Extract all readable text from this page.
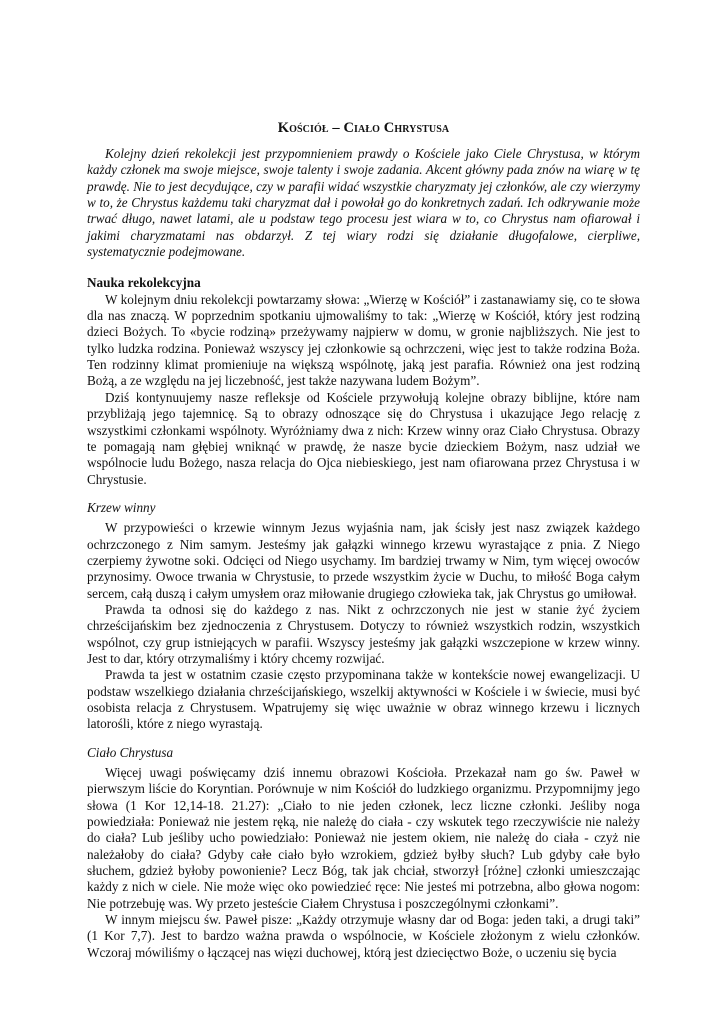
Kościół – Ciało Chrystusa

Kolejny dzień rekolekcji jest przypomnieniem prawdy o Kościele jako Ciele Chrystusa, w którym każdy członek ma swoje miejsce, swoje talenty i swoje zadania. Akcent główny pada znów na wiarę w tę prawdę. Nie to jest decydujące, czy w parafii widać wszystkie charyzmaty jej członków, ale czy wierzymy w to, że Chrystus każdemu taki charyzmat dał i powołał go do konkretnych zadań. Ich odkrywanie może trwać długo, nawet latami, ale u podstaw tego procesu jest wiara w to, co Chrystus nam ofiarował i jakimi charyzmatami nas obdarzył. Z tej wiary rodzi się działanie długofalowe, cierpliwe, systematycznie podejmowane.

Nauka rekolekcyjna

W kolejnym dniu rekolekcji powtarzamy słowa: „Wierzę w Kościół” i zastanawiamy się, co te słowa dla nas znaczą. W poprzednim spotkaniu ujmowaliśmy to tak: „Wierzę w Kościół, który jest rodziną dzieci Bożych. To «bycie rodziną» przeżywamy najpierw w domu, w gronie najbliższych. Nie jest to tylko ludzka rodzina. Ponieważ wszyscy jej członkowie są ochrzczeni, więc jest to także rodzina Boża. Ten rodzinny klimat promieniuje na większą wspólnotę, jaką jest parafia. Również ona jest rodziną Bożą, a ze względu na jej liczebność, jest także nazywana ludem Bożym”.

Dziś kontynuujemy nasze refleksje od Kościele przywołują kolejne obrazy biblijne, które nam przybliżają jego tajemnicę. Są to obrazy odnoszące się do Chrystusa i ukazujące Jego relację z wszystkimi członkami wspólnoty. Wyróżniamy dwa z nich: Krzew winny oraz Ciało Chrystusa. Obrazy te pomagają nam głębiej wniknąć w prawdę, że nasze bycie dzieckiem Bożym, nasz udział we wspólnocie ludu Bożego, nasza relacja do Ojca niebieskiego, jest nam ofiarowana przez Chrystusa i w Chrystusie.

Krzew winny

W przypowieści o krzewie winnym Jezus wyjaśnia nam, jak ścisły jest nasz związek każdego ochrzczonego z Nim samym. Jesteśmy jak gałązki winnego krzewu wyrastające z pnia. Z Niego czerpiemy żywotne soki. Odcięci od Niego usychamy. Im bardziej trwamy w Nim, tym więcej owoców przynosimy. Owoce trwania w Chrystusie, to przede wszystkim życie w Duchu, to miłość Boga całym sercem, całą duszą i całym umysłem oraz miłowanie drugiego człowieka tak, jak Chrystus go umiłował.

Prawda ta odnosi się do każdego z nas. Nikt z ochrzczonych nie jest w stanie żyć życiem chrześcijańskim bez zjednoczenia z Chrystusem. Dotyczy to również wszystkich rodzin, wszystkich wspólnot, czy grup istniejących w parafii. Wszyscy jesteśmy jak gałązki wszczepione w krzew winny. Jest to dar, który otrzymaliśmy i który chcemy rozwijać.

Prawda ta jest w ostatnim czasie często przypominana także w kontekście nowej ewangelizacji. U podstaw wszelkiego działania chrześcijańskiego, wszelkij aktywności w Kościele i w świecie, musi być osobista relacja z Chrystusem. Wpatrujemy się więc uważnie w obraz winnego krzewu i licznych latorośli, które z niego wyrastają.

Ciało Chrystusa

Więcej uwagi poświęcamy dziś innemu obrazowi Kościoła. Przekazał nam go św. Paweł w pierwszym liście do Koryntian. Porównuje w nim Kościół do ludzkiego organizmu. Przypomnijmy jego słowa (1 Kor 12,14-18. 21.27): „Ciało to nie jeden członek, lecz liczne członki. Jeśliby noga powiedziała: Ponieważ nie jestem ręką, nie należę do ciała - czy wskutek tego rzeczywiście nie należy do ciała? Lub jeśliby ucho powiedziało: Ponieważ nie jestem okiem, nie należę do ciała - czyż nie należałoby do ciała? Gdyby całe ciało było wzrokiem, gdzież byłby słuch? Lub gdyby całe było słuchem, gdzież byłoby powonienie? Lecz Bóg, tak jak chciał, stworzył [różne] członki umieszczając każdy z nich w ciele. Nie może więc oko powiedzieć ręce: Nie jesteś mi potrzebna, albo głowa nogom: Nie potrzebuję was. Wy przeto jesteście Ciałem Chrystusa i poszczególnymi członkami”.

W innym miejscu św. Paweł pisze: „Każdy otrzymuje własny dar od Boga: jeden taki, a drugi taki” (1 Kor 7,7). Jest to bardzo ważna prawda o wspólnocie, w Kościele złożonym z wielu członków. Wczoraj mówiliśmy o łączącej nas więzi duchowej, którą jest dziecięctwo Boże, o uczeniu się bycia
